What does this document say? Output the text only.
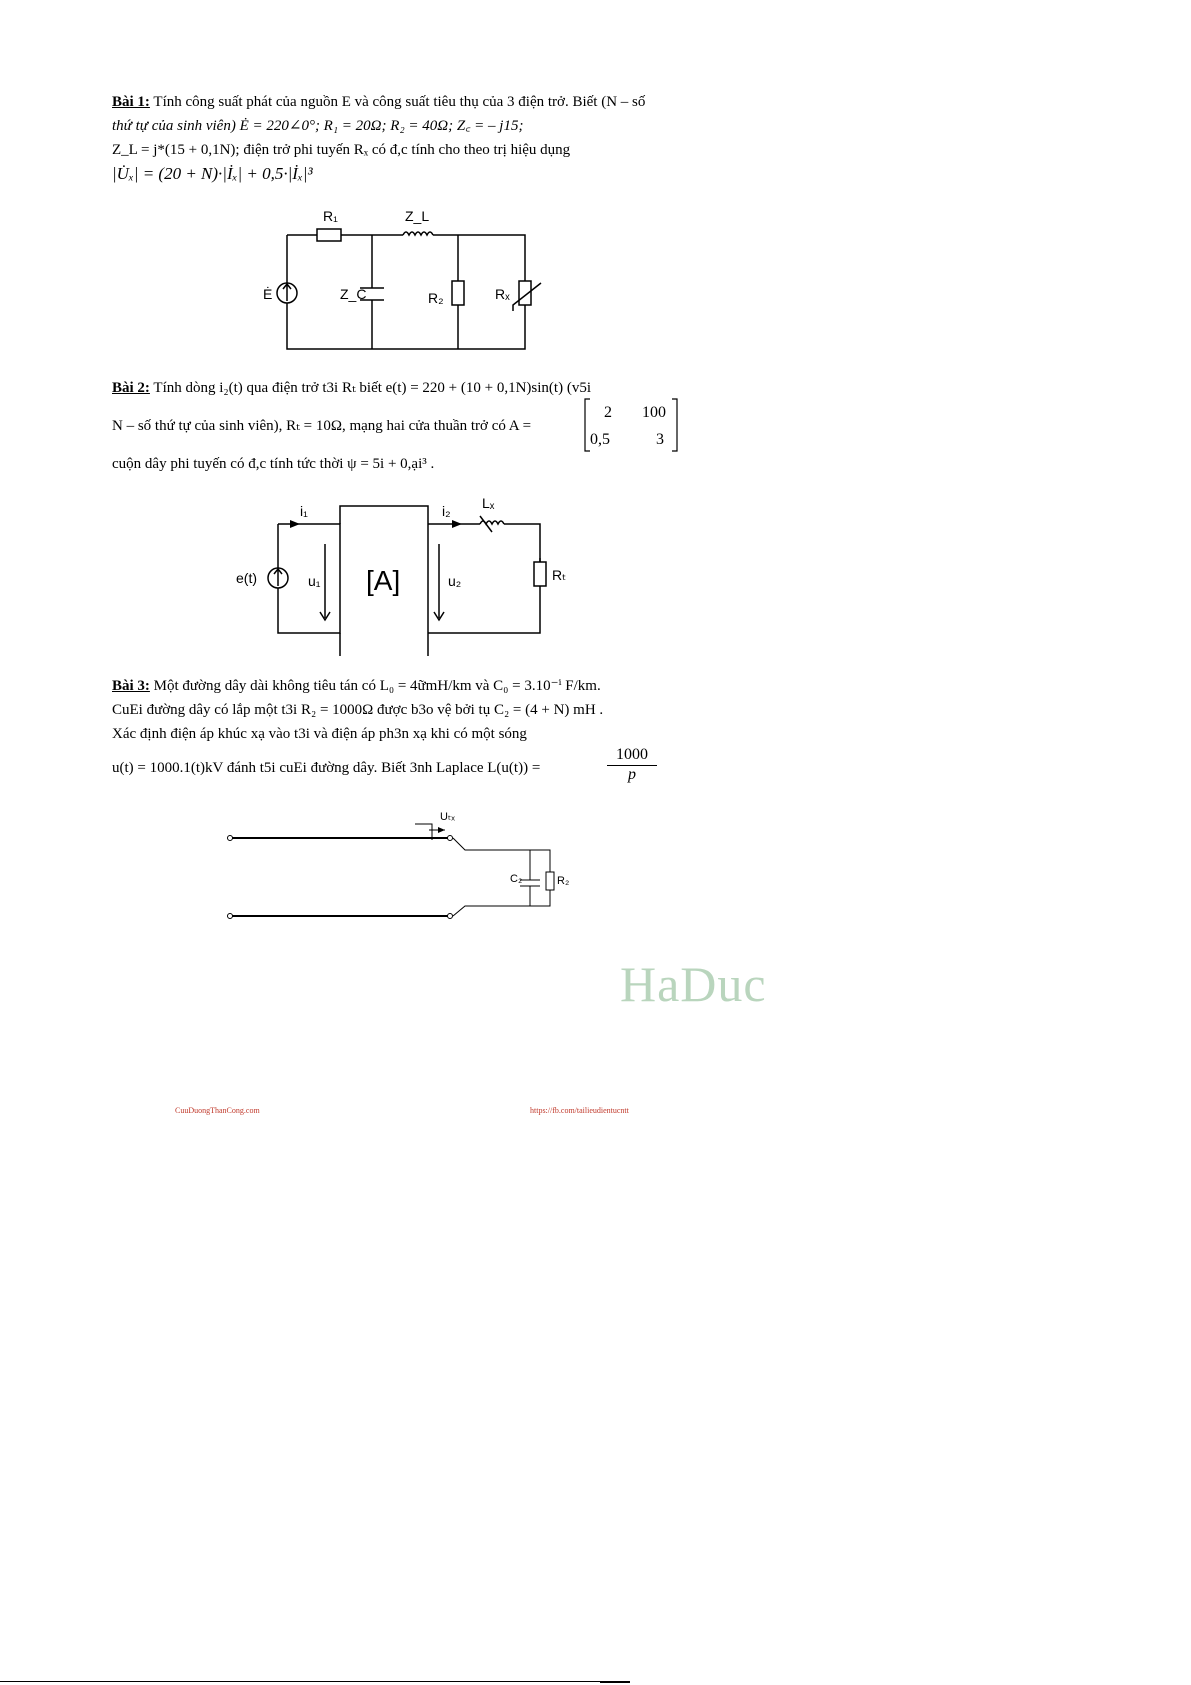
Bài 1: Tính công suất phát của nguồn E và công suất tiêu thụ của 3 điện trở. Biết (N – số
thứ tự của sinh viên) Ė = 220∠0°; R₁ = 20Ω; R₂ = 40Ω; Z꜀ = – j15;
Z_L = j*(15 + 0,1N); điện trở phi tuyến Rₓ có đ,c tính cho theo trị hiệu dụng
|U̇ₓ| = (20 + N)·|İₓ| + 0,5·|İₓ|³
R₁	Z_L
Ė	Z_C	R₂	Rₓ
Bài 2: Tính dòng i₂(t) qua điện trở t3i Rₜ biết e(t) = 220 + (10 + 0,1N)sin(t) (v5i
N – số thứ tự của sinh viên), Rₜ = 10Ω, mạng hai cửa thuần trở có A =
cuộn dây phi tuyến có đ,c tính tức thời ψ = 5i + 0,ại³ .
2 100
0,5	3
i₁	i₂ Lₓ
e(t)	u₁ [A]	u₂	Rₜ
Bài 3: Một đường dây dài không tiêu tán có L₀ = 4ữmH/km và C₀ = 3.10⁻ⁱ F/km.
CuEi đường dây có lắp một t3i R₂ = 1000Ω được b3o vệ bởi tụ C₂ = (4 + N) mH .
Xác định điện áp khúc xạ vào t3i và điện áp ph3n xạ khi có một sóng
u(t) = 1000.1(t)kV đánh t5i cuEi đường dây. Biết 3nh Laplace L(u(t)) =	$\frac{1000}{p}$
Uₜₓ
C₂	R₂
HaDuc
CuuDuongThanCong.com	https://fb.com/tailieudientucntt
